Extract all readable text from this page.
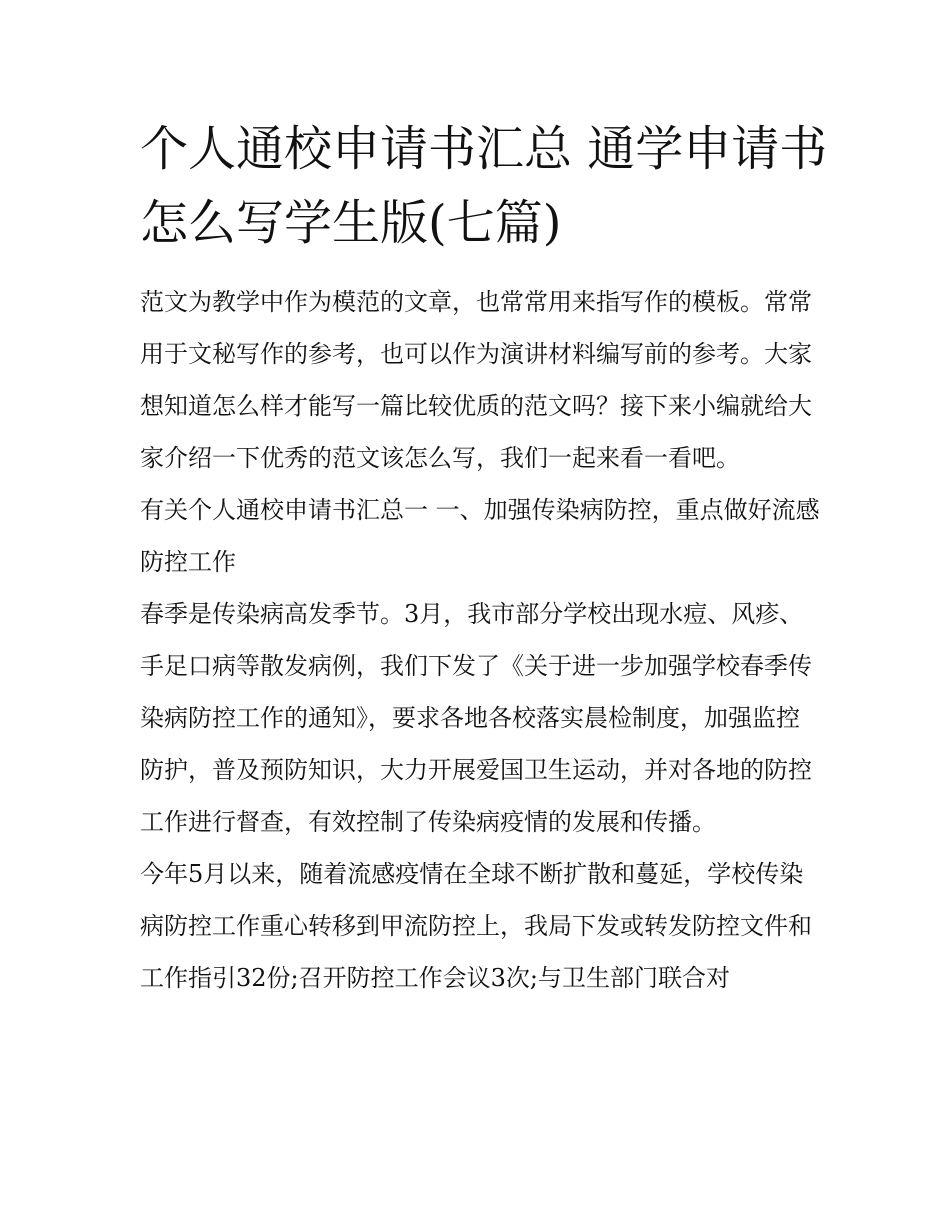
个人通校申请书汇总 通学申请书怎么写学生版(七篇)

范文为教学中作为模范的文章，也常常用来指写作的模板。常常用于文秘写作的参考，也可以作为演讲材料编写前的参考。大家想知道怎么样才能写一篇比较优质的范文吗？接下来小编就给大家介绍一下优秀的范文该怎么写，我们一起来看一看吧。

有关个人通校申请书汇总一 一、加强传染病防控，重点做好流感防控工作

春季是传染病高发季节。3月，我市部分学校出现水痘、风疹、手足口病等散发病例，我们下发了《关于进一步加强学校春季传染病防控工作的通知》，要求各地各校落实晨检制度，加强监控防护，普及预防知识，大力开展爱国卫生运动，并对各地的防控工作进行督查，有效控制了传染病疫情的发展和传播。

今年5月以来，随着流感疫情在全球不断扩散和蔓延，学校传染病防控工作重心转移到甲流防控上，我局下发或转发防控文件和工作指引32份;召开防控工作会议3次;与卫生部门联合对
